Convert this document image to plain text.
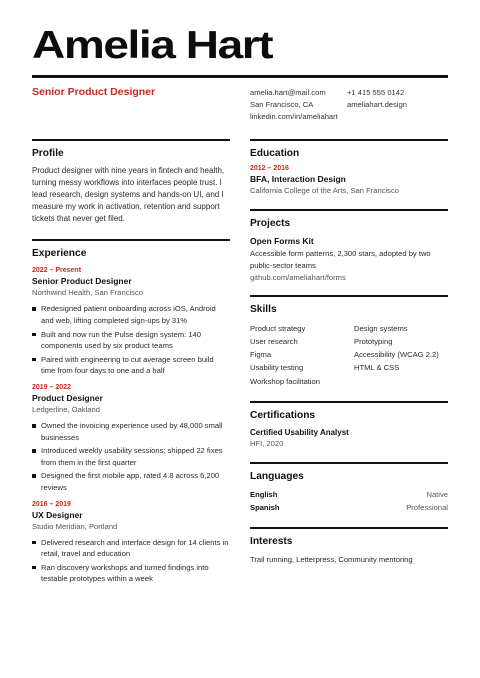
Amelia Hart
Senior Product Designer	amelia.hart@mail.com
San Francisco, CA
linkedin.com/in/ameliahart
+1 415 555 0142
ameliahart.design
Profile
Product designer with nine years in fintech and health, turning messy workflows into interfaces people trust. I lead research, design systems and hands-on UI, and I measure my work in activation, retention and support tickets that never get filed.
Experience
2022 – Present
Senior Product Designer
Northwind Health, San Francisco
Redesigned patient onboarding across iOS, Android and web, lifting completed sign-ups by 31%
Built and now run the Pulse design system: 140 components used by six product teams
Paired with engineering to cut average screen build time from four days to one and a half
2019 – 2022
Product Designer
Ledgerline, Oakland
Owned the invoicing experience used by 48,000 small businesses
Introduced weekly usability sessions; shipped 22 fixes from them in the first quarter
Designed the first mobile app, rated 4.8 across 6,200 reviews
2016 – 2019
UX Designer
Studio Meridian, Portland
Delivered research and interface design for 14 clients in retail, travel and education
Ran discovery workshops and turned findings into testable prototypes within a week
Education
2012 – 2016
BFA, Interaction Design
California College of the Arts, San Francisco
Projects
Open Forms Kit
Accessible form patterns, 2,300 stars, adopted by two public-sector teams
github.com/ameliahart/forms
Skills
Product strategy	Design systems
User research	Prototyping
Figma	Accessibility (WCAG 2.2)
Usability testing	HTML & CSS
Workshop facilitation
Certifications
Certified Usability Analyst
HFI, 2020
Languages
English	Native
Spanish	Professional
Interests
Trail running, Letterpress, Community mentoring
